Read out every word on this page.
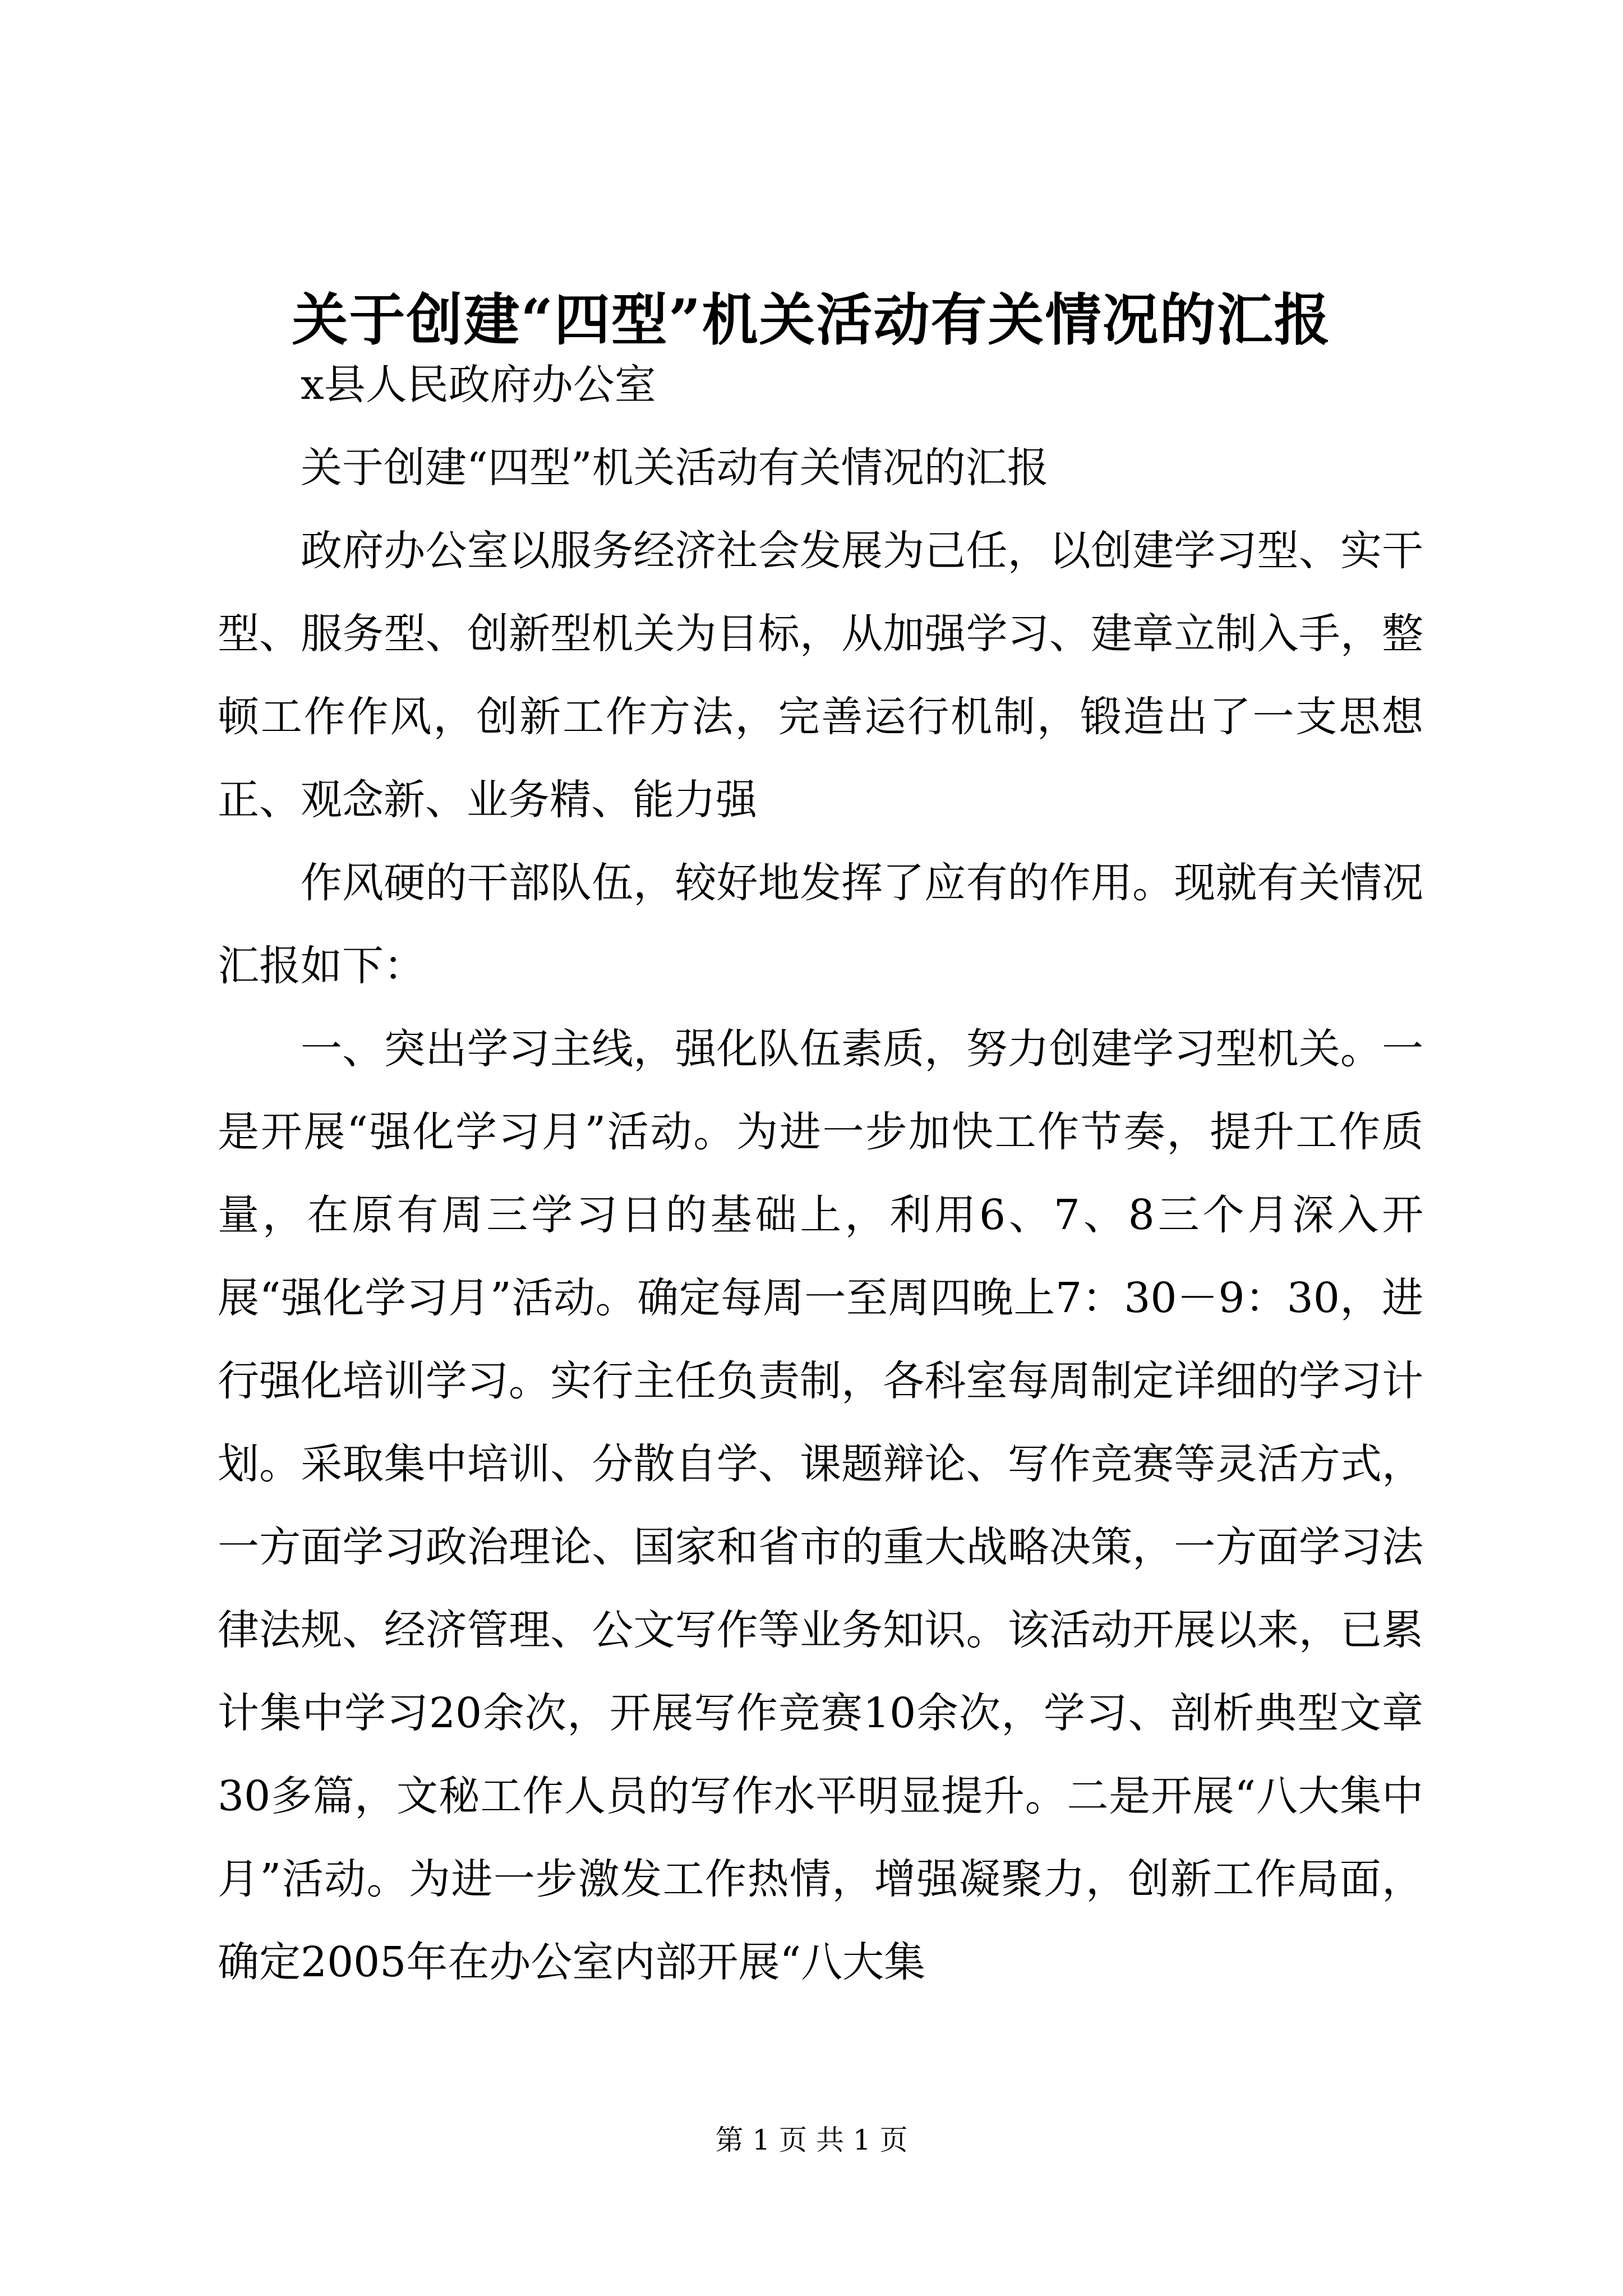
关于创建“四型”机关活动有关情况的汇报

x县人民政府办公室

关于创建“四型”机关活动有关情况的汇报

政府办公室以服务经济社会发展为己任，以创建学习型、实干型、服务型、创新型机关为目标，从加强学习、建章立制入手，整顿工作作风，创新工作方法，完善运行机制，锻造出了一支思想正、观念新、业务精、能力强

作风硬的干部队伍，较好地发挥了应有的作用。现就有关情况汇报如下：

一、突出学习主线，强化队伍素质，努力创建学习型机关。一是开展“强化学习月”活动。为进一步加快工作节奏，提升工作质量，在原有周三学习日的基础上，利用6、7、8三个月深入开展“强化学习月”活动。确定每周一至周四晚上7：30－9：30，进行强化培训学习。实行主任负责制，各科室每周制定详细的学习计划。采取集中培训、分散自学、课题辩论、写作竞赛等灵活方式，一方面学习政治理论、国家和省市的重大战略决策，一方面学习法律法规、经济管理、公文写作等业务知识。该活动开展以来，已累计集中学习20余次，开展写作竞赛10余次，学习、剖析典型文章30多篇，文秘工作人员的写作水平明显提升。二是开展“八大集中月”活动。为进一步激发工作热情，增强凝聚力，创新工作局面，确定2005年在办公室内部开展“八大集

第 1 页 共 1 页
